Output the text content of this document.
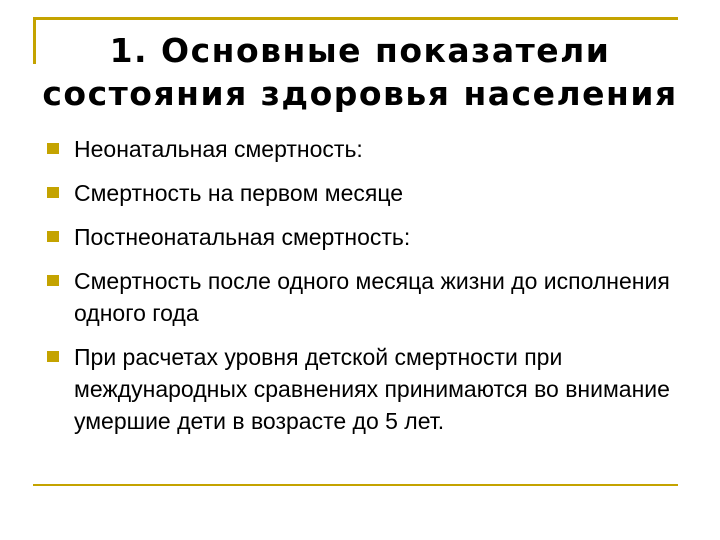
1. Основные показатели состояния здоровья населения
Неонатальная смертность:
Смертность на первом месяце
Постнеонатальная смертность:
Смертность после одного месяца жизни до исполнения одного года
При расчетах уровня детской смертности при международных сравнениях принимаются во внимание умершие дети в возрасте до 5 лет.
